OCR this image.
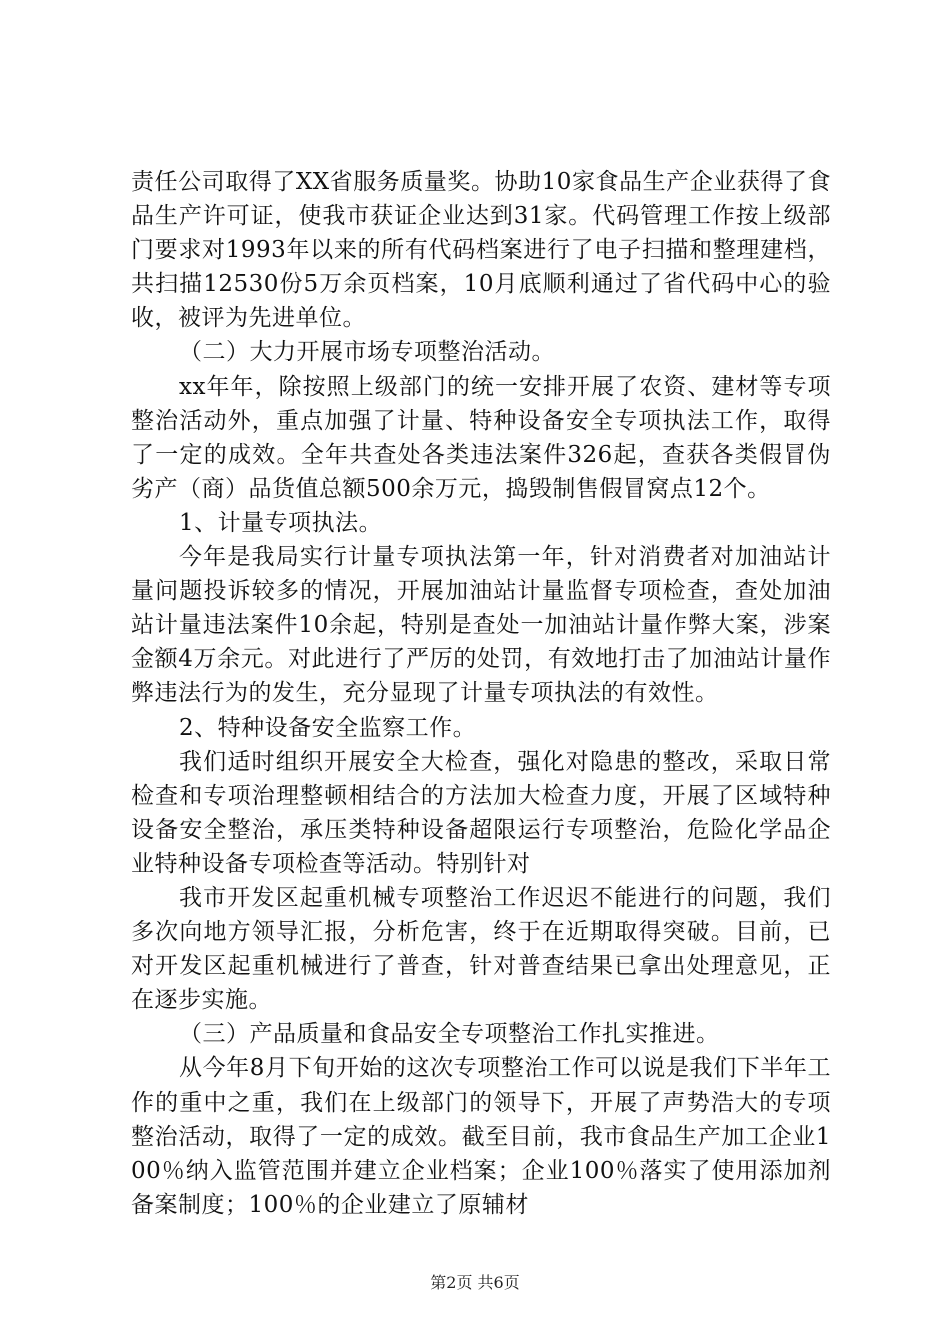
责任公司取得了XX省服务质量奖。协助10家食品生产企业获得了食品生产许可证，使我市获证企业达到31家。代码管理工作按上级部门要求对1993年以来的所有代码档案进行了电子扫描和整理建档，共扫描12530份5万余页档案，10月底顺利通过了省代码中心的验收，被评为先进单位。

（二）大力开展市场专项整治活动。

xx年年，除按照上级部门的统一安排开展了农资、建材等专项整治活动外，重点加强了计量、特种设备安全专项执法工作，取得了一定的成效。全年共查处各类违法案件326起，查获各类假冒伪劣产（商）品货值总额500余万元，捣毁制售假冒窝点12个。

1、计量专项执法。

今年是我局实行计量专项执法第一年，针对消费者对加油站计量问题投诉较多的情况，开展加油站计量监督专项检查，查处加油站计量违法案件10余起，特别是查处一加油站计量作弊大案，涉案金额4万余元。对此进行了严厉的处罚，有效地打击了加油站计量作弊违法行为的发生，充分显现了计量专项执法的有效性。

2、特种设备安全监察工作。

我们适时组织开展安全大检查，强化对隐患的整改，采取日常检查和专项治理整顿相结合的方法加大检查力度，开展了区域特种设备安全整治，承压类特种设备超限运行专项整治，危险化学品企业特种设备专项检查等活动。特别针对

我市开发区起重机械专项整治工作迟迟不能进行的问题，我们多次向地方领导汇报，分析危害，终于在近期取得突破。目前，已对开发区起重机械进行了普查，针对普查结果已拿出处理意见，正在逐步实施。

（三）产品质量和食品安全专项整治工作扎实推进。

从今年8月下旬开始的这次专项整治工作可以说是我们下半年工作的重中之重，我们在上级部门的领导下，开展了声势浩大的专项整治活动，取得了一定的成效。截至目前，我市食品生产加工企业100％纳入监管范围并建立企业档案；企业100％落实了使用添加剂备案制度；100％的企业建立了原辅材

第2页 共6页
